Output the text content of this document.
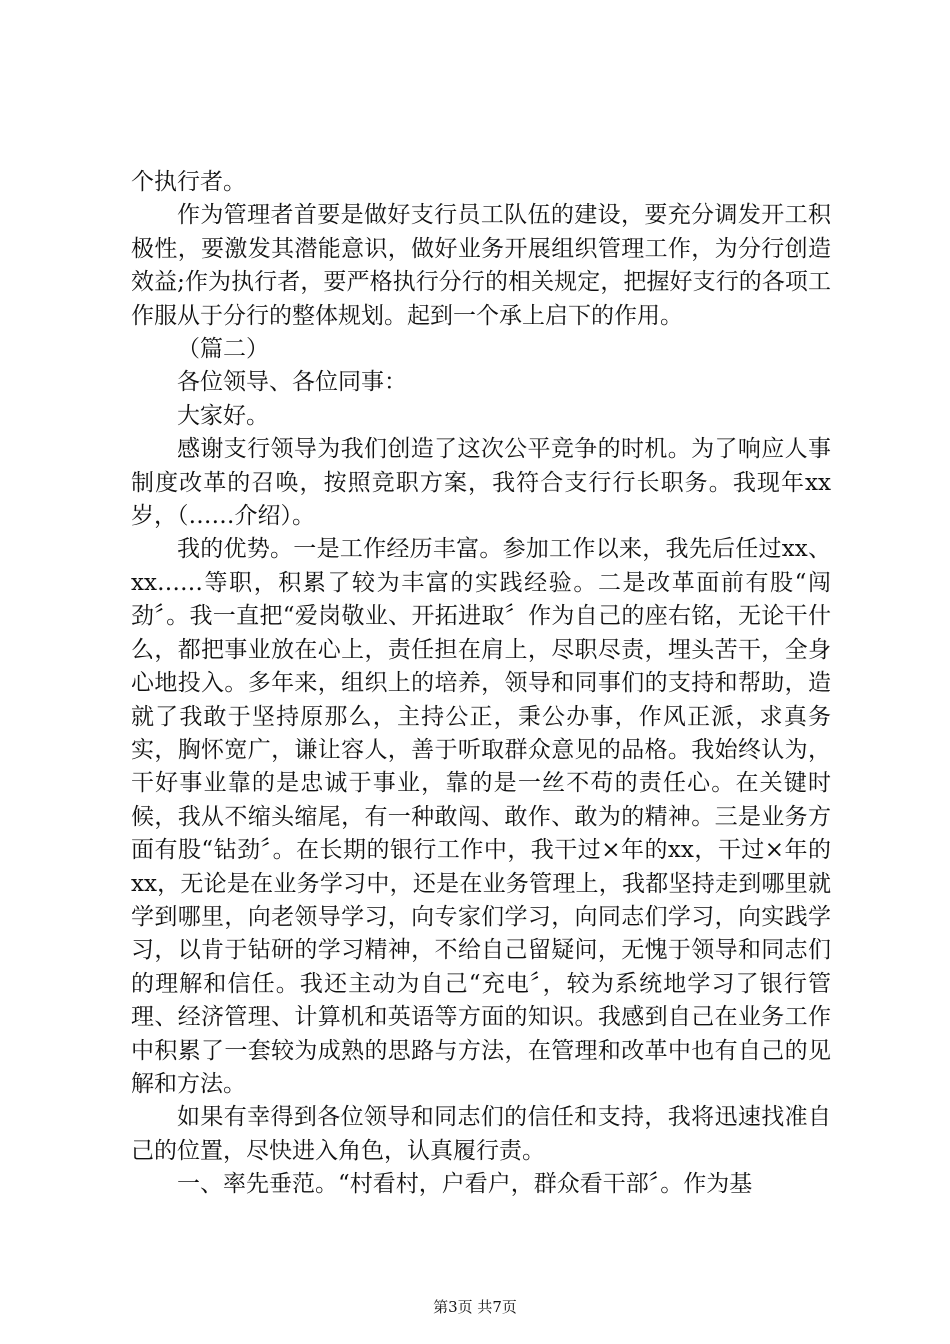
个执行者。

作为管理者首要是做好支行员工队伍的建设，要充分调发开工积极性，要激发其潜能意识，做好业务开展组织管理工作，为分行创造效益;作为执行者，要严格执行分行的相关规定，把握好支行的各项工作服从于分行的整体规划。起到一个承上启下的作用。

（篇二）

各位领导、各位同事：

大家好。

感谢支行领导为我们创造了这次公平竞争的时机。为了响应人事制度改革的召唤，按照竞职方案，我符合支行行长职务。我现年xx岁，（……介绍）。

我的优势。一是工作经历丰富。参加工作以来，我先后任过xx、xx……等职，积累了较为丰富的实践经验。二是改革面前有股“闯劲〞。我一直把“爱岗敬业、开拓进取〞作为自己的座右铭，无论干什么，都把事业放在心上，责任担在肩上，尽职尽责，埋头苦干，全身心地投入。多年来，组织上的培养，领导和同事们的支持和帮助，造就了我敢于坚持原那么，主持公正，秉公办事，作风正派，求真务实，胸怀宽广，谦让容人，善于听取群众意见的品格。我始终认为，干好事业靠的是忠诚于事业，靠的是一丝不苟的责任心。在关键时候，我从不缩头缩尾，有一种敢闯、敢作、敢为的精神。三是业务方面有股“钻劲〞。在长期的银行工作中，我干过×年的xx，干过×年的xx，无论是在业务学习中，还是在业务管理上，我都坚持走到哪里就学到哪里，向老领导学习，向专家们学习，向同志们学习，向实践学习，以肯于钻研的学习精神，不给自己留疑问，无愧于领导和同志们的理解和信任。我还主动为自己“充电〞，较为系统地学习了银行管理、经济管理、计算机和英语等方面的知识。我感到自己在业务工作中积累了一套较为成熟的思路与方法，在管理和改革中也有自己的见解和方法。

如果有幸得到各位领导和同志们的信任和支持，我将迅速找准自己的位置，尽快进入角色，认真履行责。

一、率先垂范。“村看村，户看户，群众看干部〞。作为基

第3页 共7页
